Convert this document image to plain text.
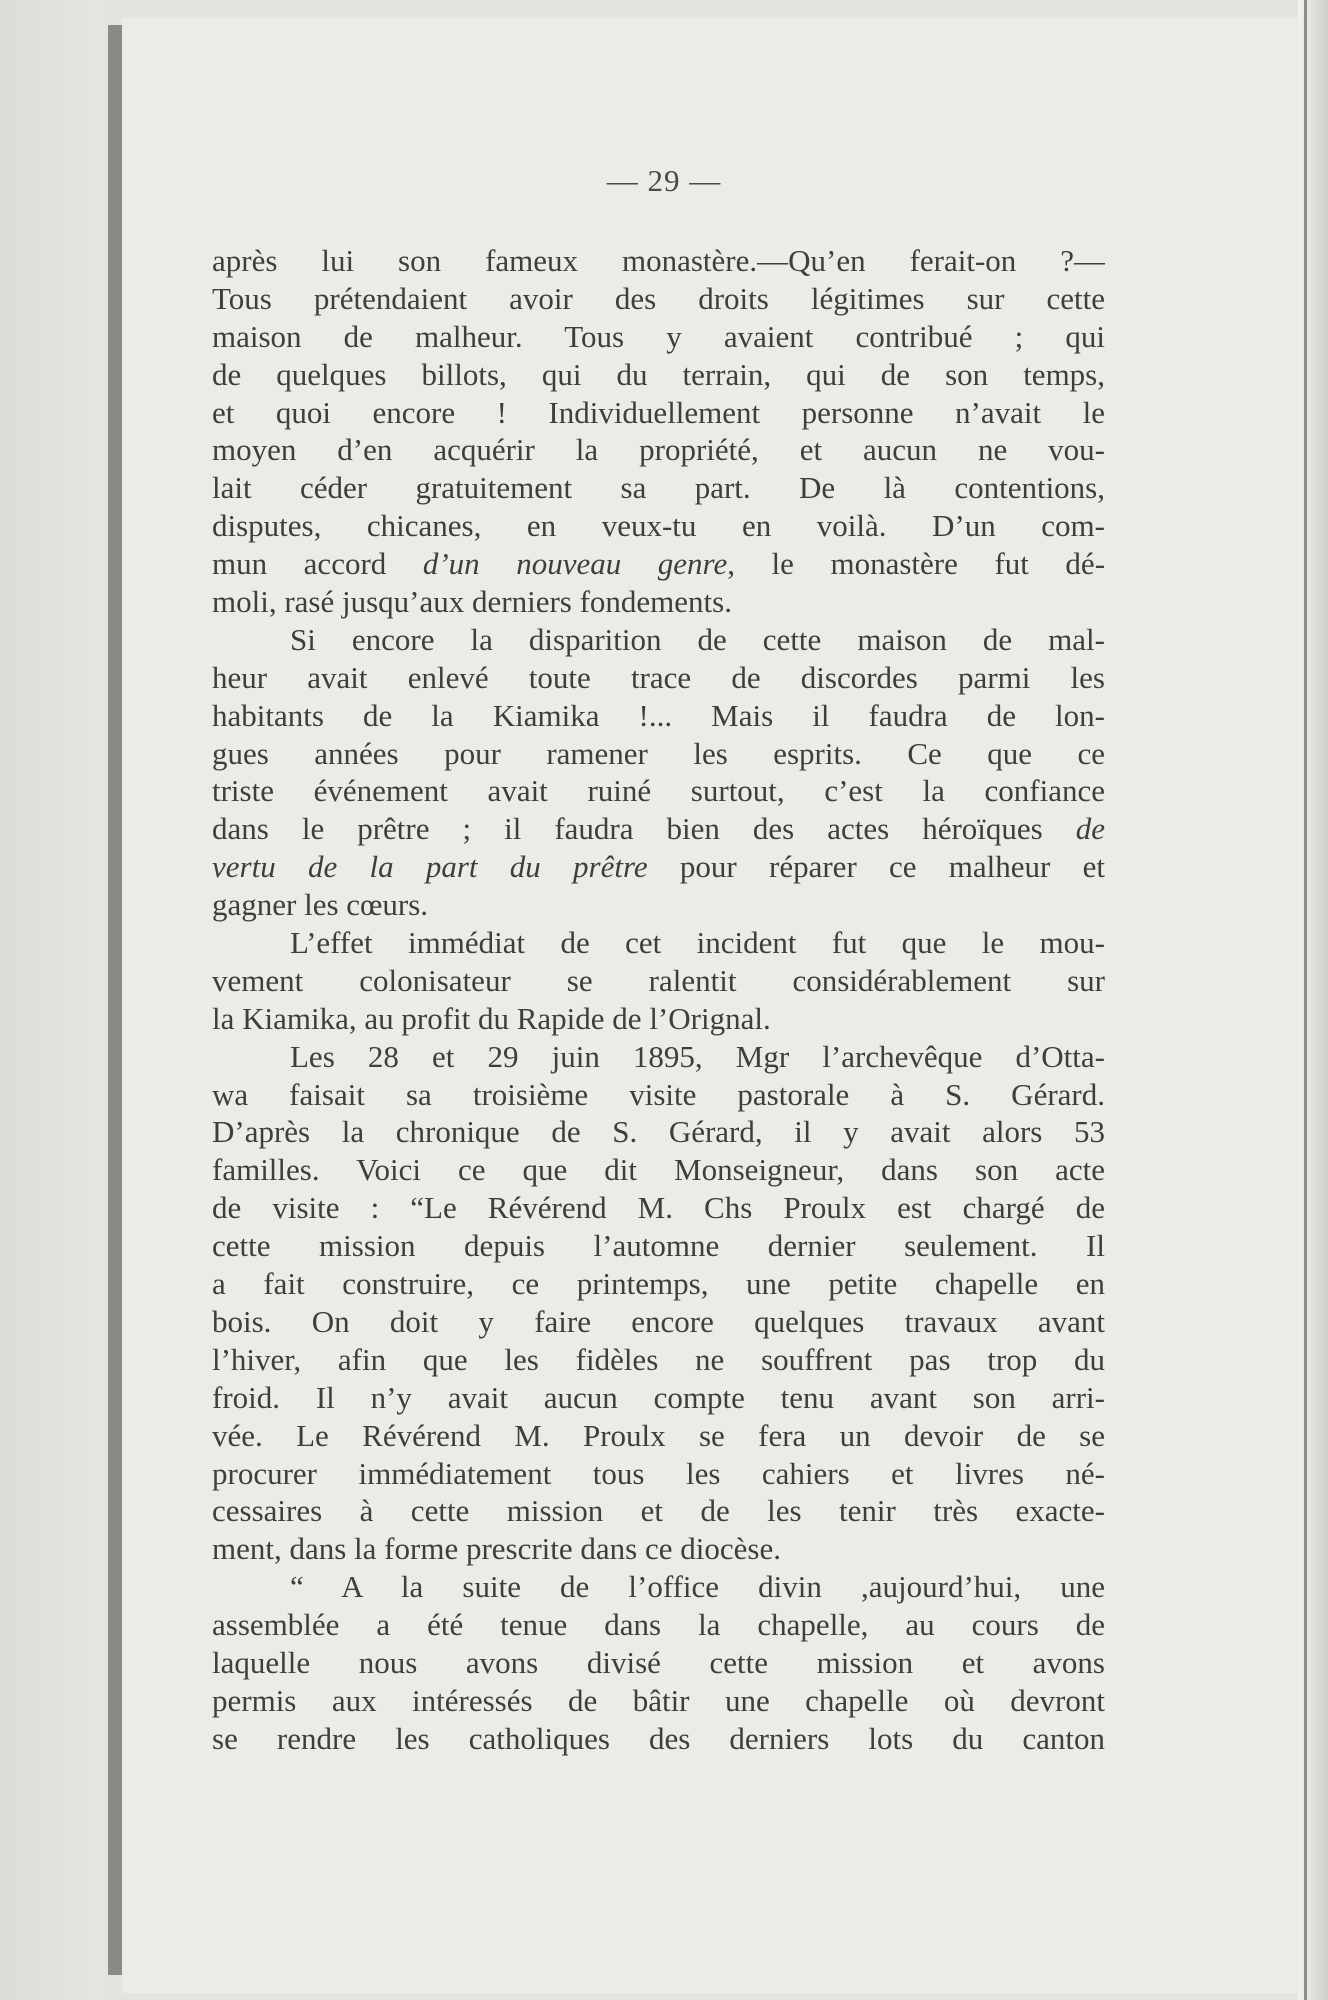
— 29 —
après lui son fameux monastère.—Qu’en ferait-on ?—
Tous prétendaient avoir des droits légitimes sur cette
maison de malheur. Tous y avaient contribué ; qui
de quelques billots, qui du terrain, qui de son temps,
et quoi encore ! Individuellement personne n’avait le
moyen d’en acquérir la propriété, et aucun ne vou-
lait céder gratuitement sa part. De là contentions,
disputes, chicanes, en veux-tu en voilà. D’un com-
mun accord d’un nouveau genre, le monastère fut dé-
moli, rasé jusqu’aux derniers fondements.
Si encore la disparition de cette maison de mal-
heur avait enlevé toute trace de discordes parmi les
habitants de la Kiamika !... Mais il faudra de lon-
gues années pour ramener les esprits. Ce que ce
triste événement avait ruiné surtout, c’est la confiance
dans le prêtre ; il faudra bien des actes héroïques de
vertu de la part du prêtre pour réparer ce malheur et
gagner les cœurs.
L’effet immédiat de cet incident fut que le mou-
vement colonisateur se ralentit considérablement sur
la Kiamika, au profit du Rapide de l’Orignal.
Les 28 et 29 juin 1895, Mgr l’archevêque d’Otta-
wa faisait sa troisième visite pastorale à S. Gérard.
D’après la chronique de S. Gérard, il y avait alors 53
familles. Voici ce que dit Monseigneur, dans son acte
de visite : “Le Révérend M. Chs Proulx est chargé de
cette mission depuis l’automne dernier seulement. Il
a fait construire, ce printemps, une petite chapelle en
bois. On doit y faire encore quelques travaux avant
l’hiver, afin que les fidèles ne souffrent pas trop du
froid. Il n’y avait aucun compte tenu avant son arri-
vée. Le Révérend M. Proulx se fera un devoir de se
procurer immédiatement tous les cahiers et livres né-
cessaires à cette mission et de les tenir très exacte-
ment, dans la forme prescrite dans ce diocèse.
“ A la suite de l’office divin ,aujourd’hui, une
assemblée a été tenue dans la chapelle, au cours de
laquelle nous avons divisé cette mission et avons
permis aux intéressés de bâtir une chapelle où devront
se rendre les catholiques des derniers lots du canton
